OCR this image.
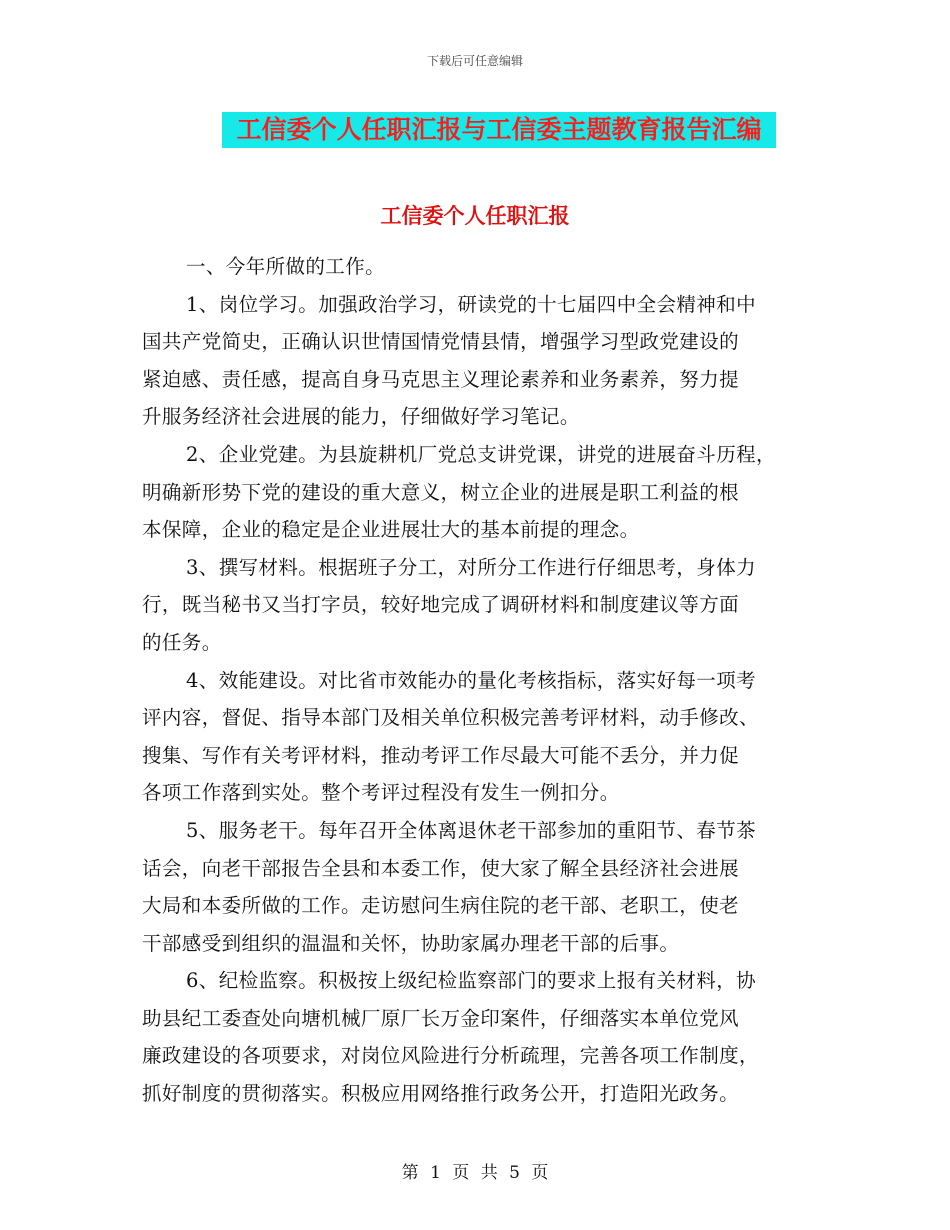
下载后可任意编辑
工信委个人任职汇报与工信委主题教育报告汇编
工信委个人任职汇报
一、今年所做的工作。
1、岗位学习。加强政治学习，研读党的十七届四中全会精神和中
国共产党简史，正确认识世情国情党情县情，增强学习型政党建设的
紧迫感、责任感，提高自身马克思主义理论素养和业务素养，努力提
升服务经济社会进展的能力，仔细做好学习笔记。
2、企业党建。为县旋耕机厂党总支讲党课，讲党的进展奋斗历程，
明确新形势下党的建设的重大意义，树立企业的进展是职工利益的根
本保障，企业的稳定是企业进展壮大的基本前提的理念。
3、撰写材料。根据班子分工，对所分工作进行仔细思考，身体力
行，既当秘书又当打字员，较好地完成了调研材料和制度建议等方面
的任务。
4、效能建设。对比省市效能办的量化考核指标，落实好每一项考
评内容，督促、指导本部门及相关单位积极完善考评材料，动手修改、
搜集、写作有关考评材料，推动考评工作尽最大可能不丢分，并力促
各项工作落到实处。整个考评过程没有发生一例扣分。
5、服务老干。每年召开全体离退休老干部参加的重阳节、春节茶
话会，向老干部报告全县和本委工作，使大家了解全县经济社会进展
大局和本委所做的工作。走访慰问生病住院的老干部、老职工，使老
干部感受到组织的温温和关怀，协助家属办理老干部的后事。
6、纪检监察。积极按上级纪检监察部门的要求上报有关材料，协
助县纪工委查处向塘机械厂原厂长万金印案件，仔细落实本单位党风
廉政建设的各项要求，对岗位风险进行分析疏理，完善各项工作制度，
抓好制度的贯彻落实。积极应用网络推行政务公开，打造阳光政务。
第 1 页 共 5 页
